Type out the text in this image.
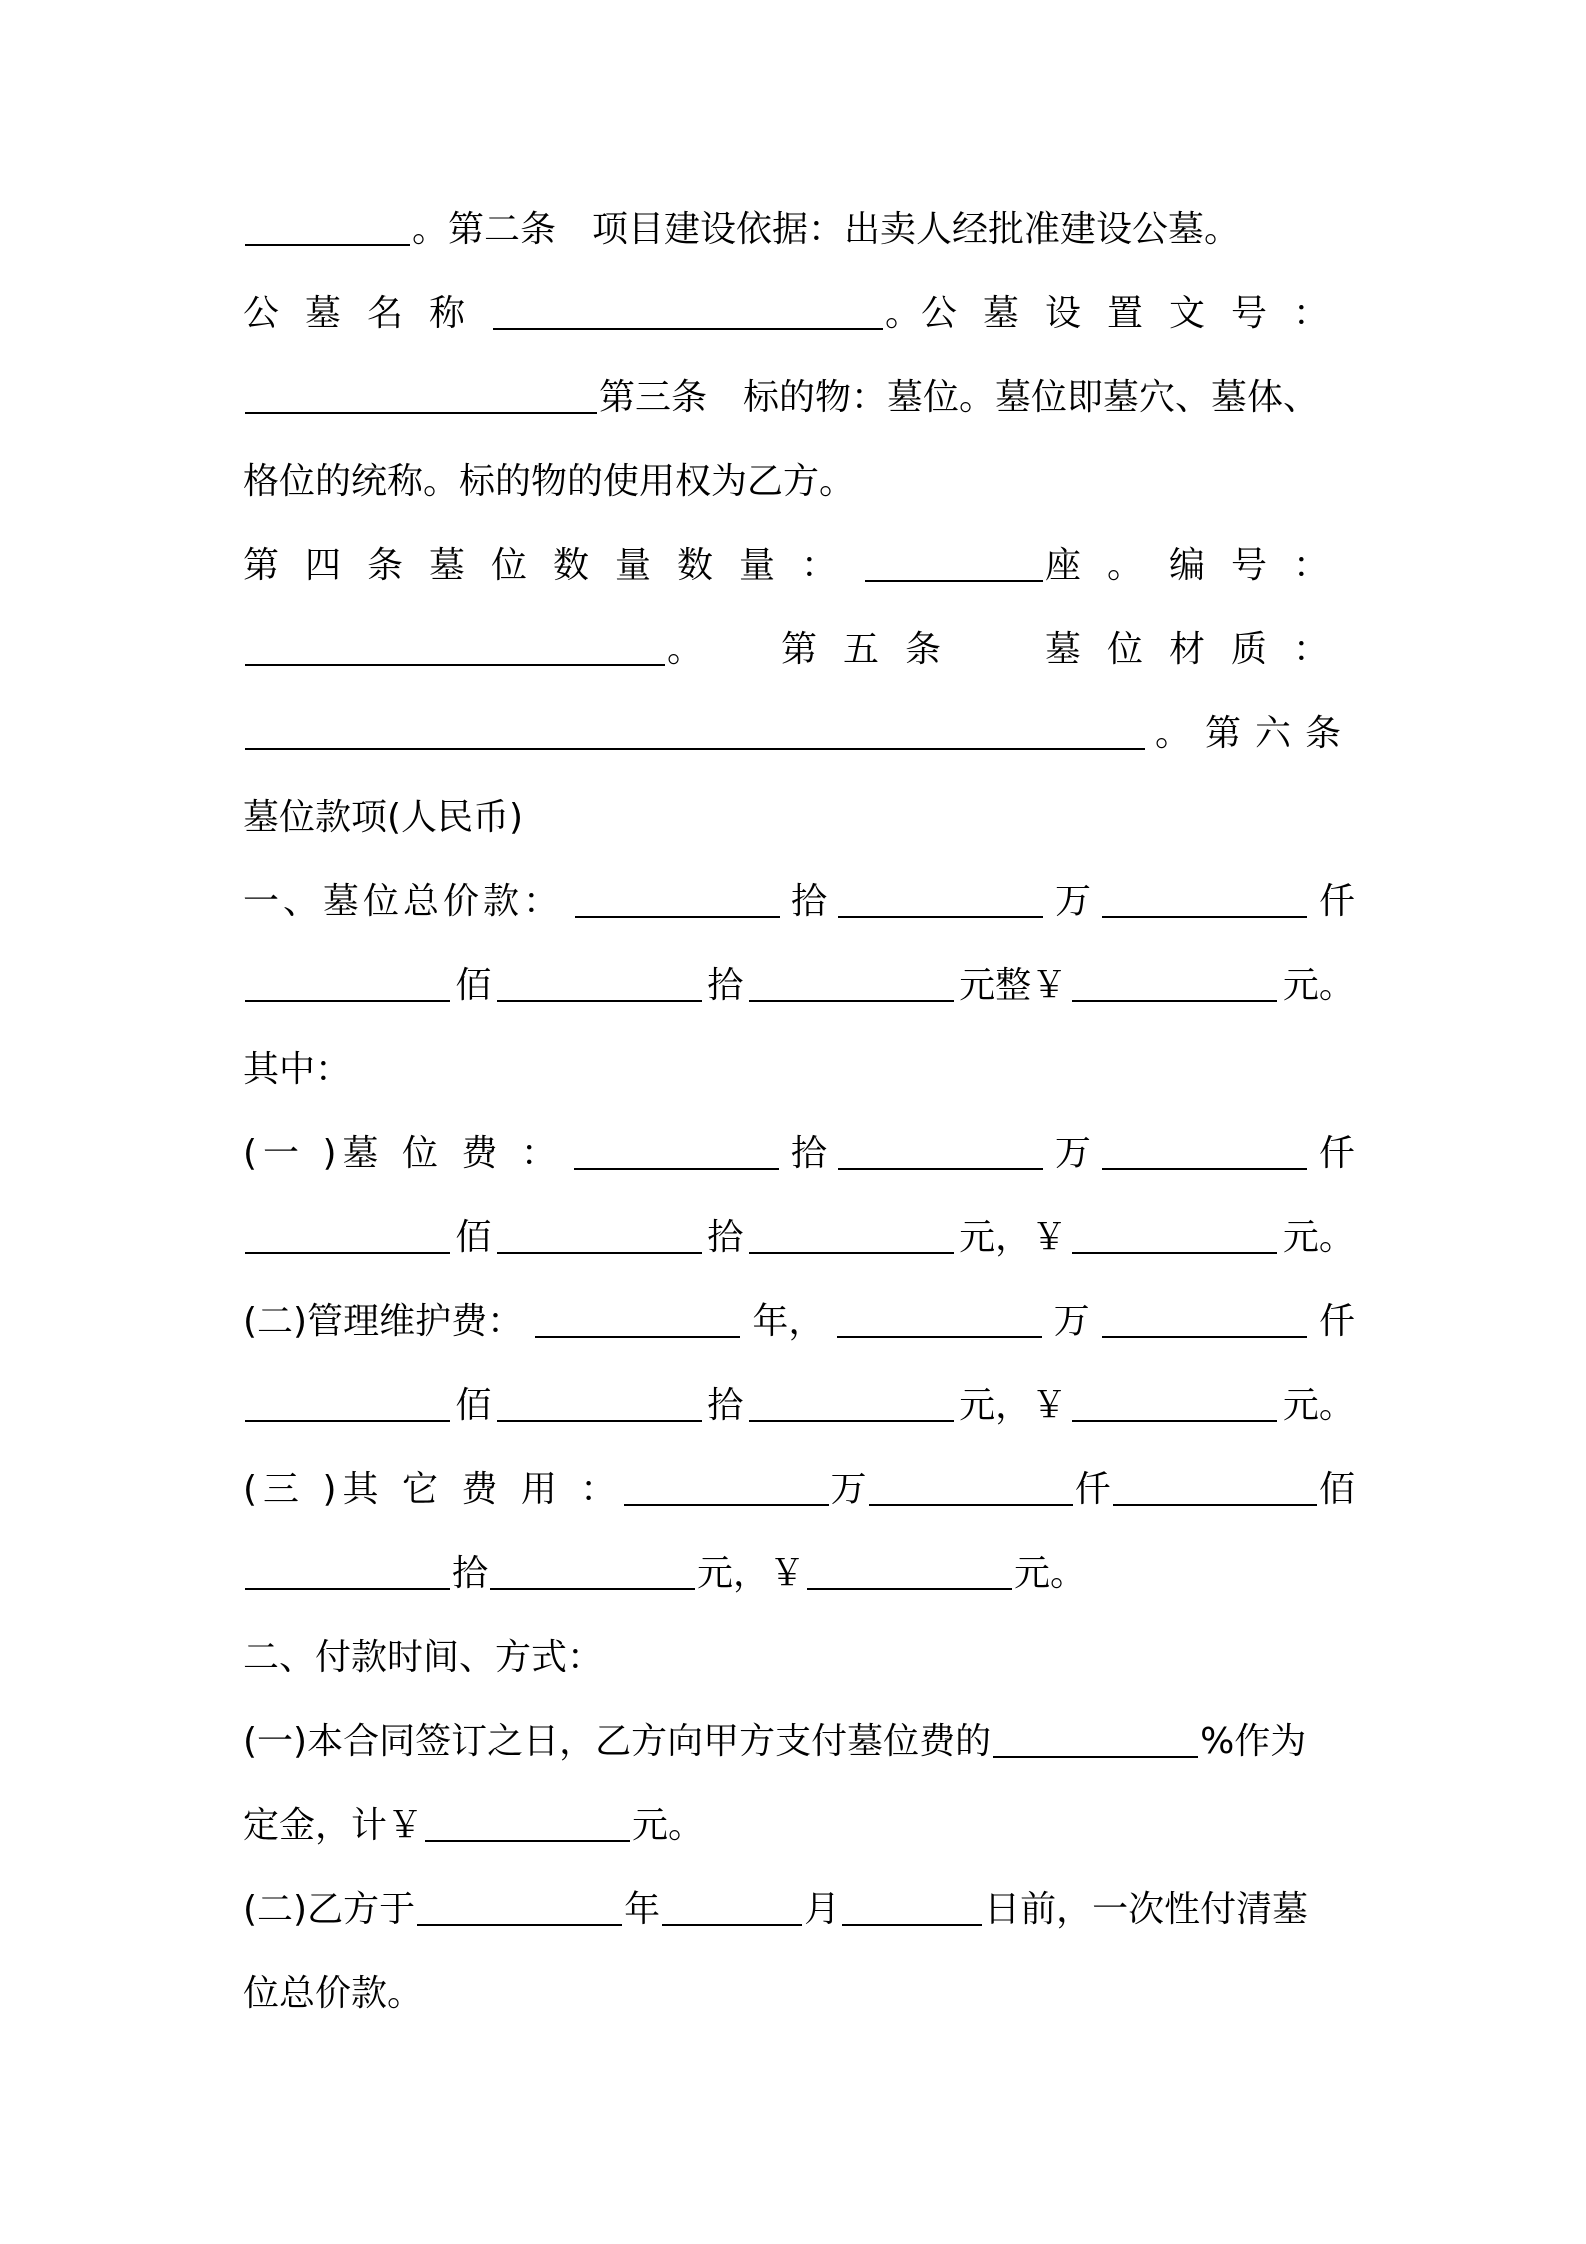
。第二条 项目建设依据：出卖人经批准建设公墓。
公墓名称	。 公墓设置文号：
第三条 标的物：墓位。墓位即墓穴、墓体、
格位的统称。标的物的使用权为乙方。
第四条 墓位数量数量：	座。 编号：
。 第五条 墓位材质：
。第六条
墓位款项(人民币)
一、墓位总价款：	拾	万	仟
佰	拾	元整￥	元。
其中：
(一 )墓 位 费 ：	拾	万	仟
佰	拾	元，￥	元。
(二)管理维护费：	年，	万	仟
佰	拾	元，￥	元。
(三 )其 它 费 用 ：	万	仟	佰
拾	元，￥	元。
二、付款时间、方式：
(一)本合同签订之日，乙方向甲方支付墓位费的	%作为
定金，计￥	元。
(二)乙方于	年	月	日前，一次性付清墓
位总价款。
